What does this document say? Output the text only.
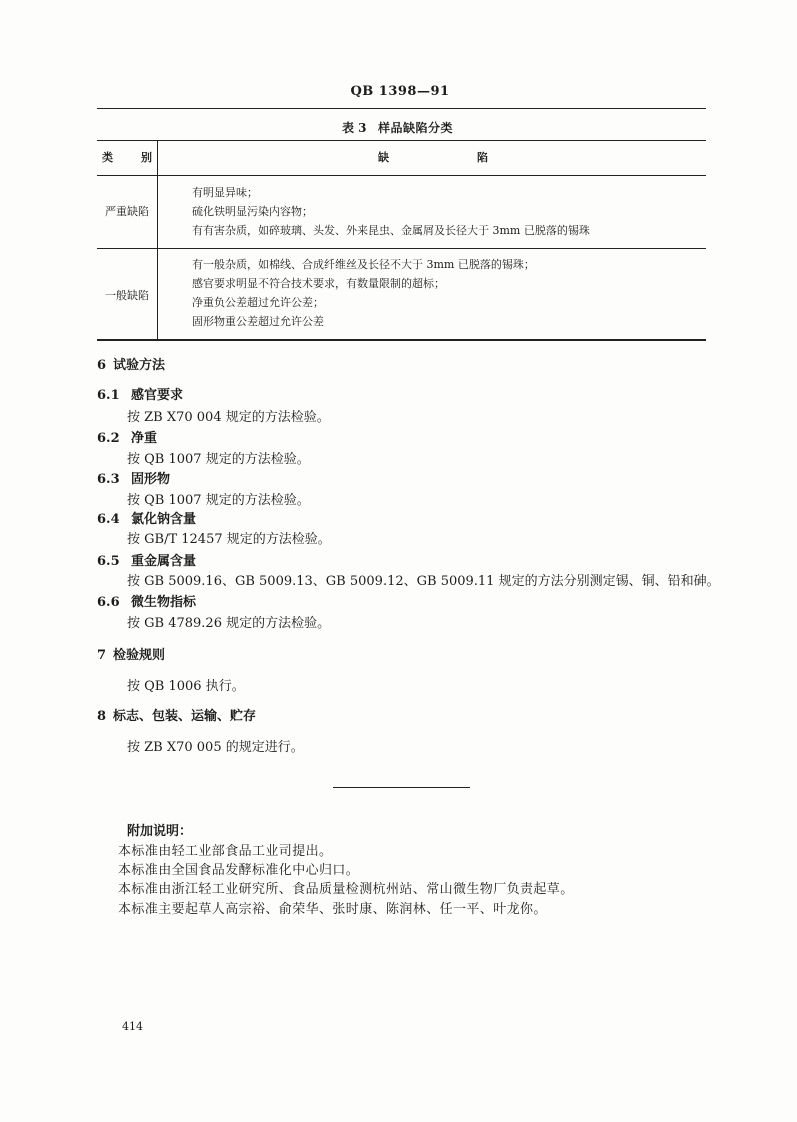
QB 1398—91
表 3 样品缺陷分类
类别	缺陷
严重缺陷
有明显异味；
硫化铁明显污染内容物；
有有害杂质，如碎玻璃、头发、外来昆虫、金属屑及长径大于 3mm 已脱落的锡珠
一般缺陷
有一般杂质，如棉线、合成纤维丝及长径不大于 3mm 已脱落的锡珠；
感官要求明显不符合技术要求，有数量限制的超标；
净重负公差超过允许公差；
固形物重公差超过允许公差
6 试验方法
6.1 感官要求
按 ZB X70 004 规定的方法检验。
6.2 净重
按 QB 1007 规定的方法检验。
6.3 固形物
按 QB 1007 规定的方法检验。
6.4 氯化钠含量
按 GB/T 12457 规定的方法检验。
6.5 重金属含量
按 GB 5009.16、GB 5009.13、GB 5009.12、GB 5009.11 规定的方法分别测定锡、铜、铅和砷。
6.6 微生物指标
按 GB 4789.26 规定的方法检验。
7 检验规则
按 QB 1006 执行。
8 标志、包装、运输、贮存
按 ZB X70 005 的规定进行。
附加说明：
本标准由轻工业部食品工业司提出。
本标准由全国食品发酵标准化中心归口。
本标准由浙江轻工业研究所、食品质量检测杭州站、常山微生物厂负责起草。
本标准主要起草人高宗裕、俞荣华、张时康、陈润林、任一平、叶龙你。
414
